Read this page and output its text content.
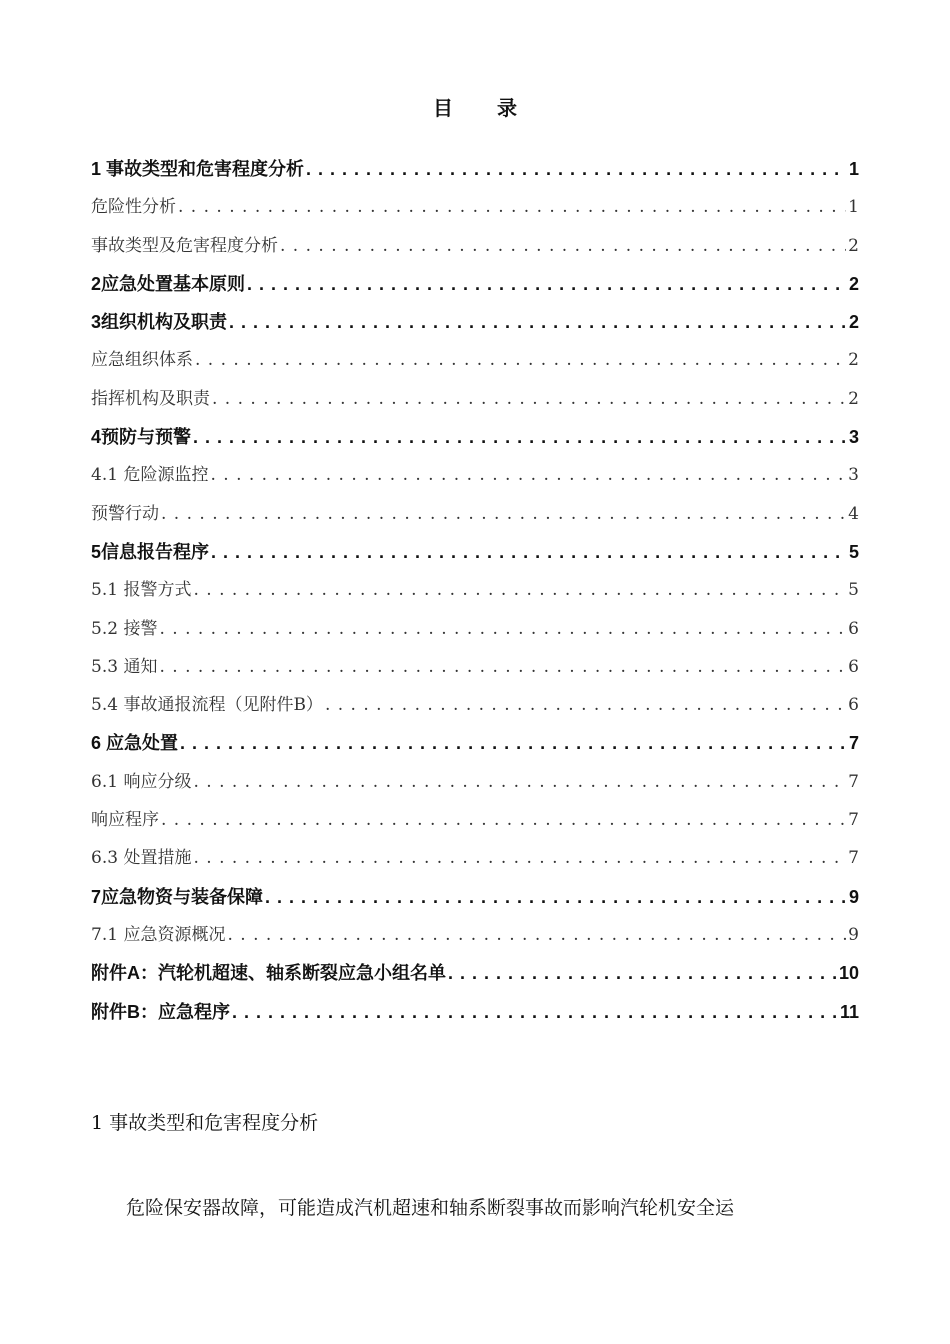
目 录
1 事故类型和危害程度分析 . . .	1
危险性分析 . . .	1
事故类型及危害程度分析 . . .	2
2应急处置基本原则 . . .	2
3组织机构及职责 . . .	2
应急组织体系 . . .	2
指挥机构及职责 . . .	2
4预防与预警 . . .	3
4.1 危险源监控 . . .	3
预警行动 . . .	4
5信息报告程序 . . .	5
5.1 报警方式 . . .	5
5.2 接警 . . .	6
5.3 通知 . . .	6
5.4 事故通报流程（见附件B） . . .	6
6 应急处置 . . .	7
6.1 响应分级 . . .	7
响应程序 . . .	7
6.3 处置措施 . . .	7
7应急物资与装备保障 . . .	9
7.1 应急资源概况 . . .	9
附件A：汽轮机超速、轴系断裂应急小组名单 . . .	10
附件B：应急程序 . . .	11
1 事故类型和危害程度分析
危险保安器故障，可能造成汽机超速和轴系断裂事故而影响汽轮机安全运
